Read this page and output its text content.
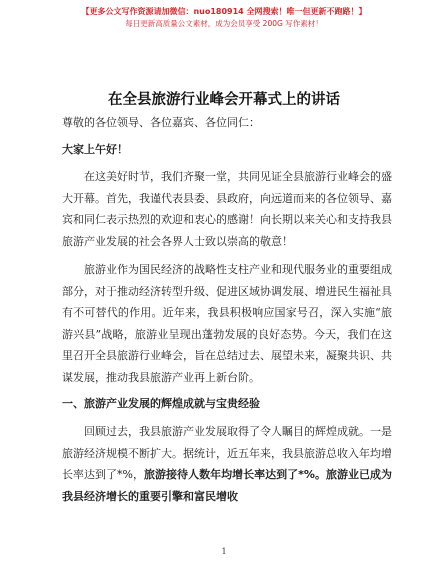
【更多公文写作资源请加微信：nuo180914 全网搜索！唯一但更新不跑路！】
每日更新高质量公文素材，成为会员享受 200G 写作素材！
在全县旅游行业峰会开幕式上的讲话
尊敬的各位领导、各位嘉宾、各位同仁：
大家上午好！

在这美好时节，我们齐聚一堂，共同见证全县旅游行业峰会的盛大开幕。首先，我谨代表县委、县政府，向远道而来的各位领导、嘉宾和同仁表示热烈的欢迎和衷心的感谢！向长期以来关心和支持我县旅游产业发展的社会各界人士致以崇高的敬意！

旅游业作为国民经济的战略性支柱产业和现代服务业的重要组成部分，对于推动经济转型升级、促进区域协调发展、增进民生福祉具有不可替代的作用。近年来，我县积极响应国家号召，深入实施“旅游兴县”战略，旅游业呈现出蓬勃发展的良好态势。今天，我们在这里召开全县旅游行业峰会，旨在总结过去、展望未来，凝聚共识、共谋发展，推动我县旅游产业再上新台阶。

一、旅游产业发展的辉煌成就与宝贵经验

回顾过去，我县旅游产业发展取得了令人瞩目的辉煌成就。一是旅游经济规模不断扩大。据统计，近五年来，我县旅游总收入年均增长率达到了*%，旅游接待人数年均增长率达到了*%。旅游业已成为我县经济增长的重要引擎和富民增收

1
